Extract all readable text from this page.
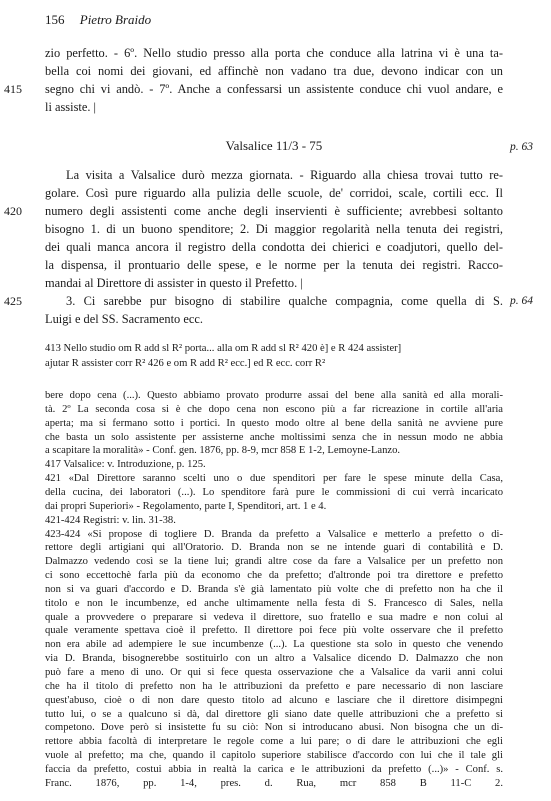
156 Pietro Braido
zio perfetto. - 6º. Nello studio presso alla porta che conduce alla latrina vi è una ta-
bella coi nomi dei giovani, ed affinchè non vadano tra due, devono indicar con un
415 segno chi vi andò. - 7º. Anche a confessarsi un assistente conduce chi vuol andare, e
li assiste. |
Valsalice 11/3 - 75	p. 63
La visita a Valsalice durò mezza giornata. - Riguardo alla chiesa trovai tutto re-
golare. Così pure riguardo alla pulizia delle scuole, de' corridoi, scale, cortili ecc. Il
420 numero degli assistenti come anche degli inservienti è sufficiente; avrebbesi soltanto
bisogno 1. di un buono spenditore; 2. Di maggior regolarità nella tenuta dei registri,
dei quali manca ancora il registro della condotta dei chierici e coadjutori, quello del-
la dispensa, il prontuario delle spese, e le norme per la tenuta dei registri. Racco-
mandai al Direttore di assister in questo il Prefetto. |
425	3. Ci sarebbe pur bisogno di stabilire qualche compagnia, come quella di S. p. 64
Luigi e del SS. Sacramento ecc.
413 Nello studio om R add sl R² porta... alla om R add sl R² 420 è] e R 424 assister]
ajutar R assister corr R² 426 e om R add R² ecc.] ed R ecc. corr R²
bere dopo cena (...). Questo abbiamo provato produrre assai del bene alla sanità ed alla morali-
tà. 2º La seconda cosa si è che dopo cena non escono più a far ricreazione in cortile all'aria
aperta; ma si fermano sotto i portici. In questo modo oltre al bene della sanità ne avviene pure
che basta un solo assistente per assisterne anche moltissimi senza che in nessun modo ne abbia
a scapitare la moralità» - Conf. gen. 1876, pp. 8-9, mcr 858 E 1-2, Lemoyne-Lanzo.
417 Valsalice: v. Introduzione, p. 125.
421 «Dal Direttore saranno scelti uno o due spenditori per fare le spese minute della Casa,
della cucina, dei laboratori (...). Lo spenditore farà pure le commissioni di cui verrà incaricato
dai propri Superiori» - Regolamento, parte I, Spenditori, art. 1 e 4.
421-424 Registri: v. lin. 31-38.
423-424 «Si propose di togliere D. Branda da prefetto a Valsalice e metterlo a prefetto o di-
rettore degli artigiani qui all'Oratorio. D. Branda non se ne intende guari di contabilità e D.
Dalmazzo vedendo così se la tiene lui; grandi altre cose da fare a Valsalice per un prefetto non
ci sono eccettochè farla più da economo che da prefetto; d'altronde poi tra direttore e prefetto
non si va guari d'accordo e D. Branda s'è già lamentato più volte che di prefetto non ha che il
titolo e non le incumbenze, ed anche ultimamente nella festa di S. Francesco di Sales, nella
quale a provvedere o preparare si vedeva il direttore, suo fratello e sua madre e non colui al
quale veramente spettava cioè il prefetto. Il direttore poi fece più volte osservare che il prefetto
non era abile ad adempiere le sue incumbenze (...). La questione sta solo in questo che venendo
via D. Branda, bisognerebbe sostituirlo con un altro a Valsalice dicendo D. Dalmazzo che non
può fare a meno di uno. Or qui si fece questa osservazione che a Valsalice da varii anni colui
che ha il titolo di prefetto non ha le attribuzioni da prefetto e pare necessario di non lasciare
quest'abuso, cioè o di non dare questo titolo ad alcuno e lasciare che il direttore disimpegni
tutto lui, o se a qualcuno si dà, dal direttore gli siano date quelle attribuzioni che a prefetto si
competono. Dove però si insistette fu su ciò: Non si introducano abusi. Non bisogna che un di-
rettore abbia facoltà di interpretare le regole come a lui pare; o di dare le attribuzioni che egli
vuole al prefetto; ma che, quando il capitolo superiore stabilisce d'accordo con lui che il tale gli
faccia da prefetto, costui abbia in realtà la carica e le attribuzioni da prefetto (...)» - Conf. s.
Franc. 1876, pp. 1-4, pres. d. Rua, mcr 858 B 11-C 2.
